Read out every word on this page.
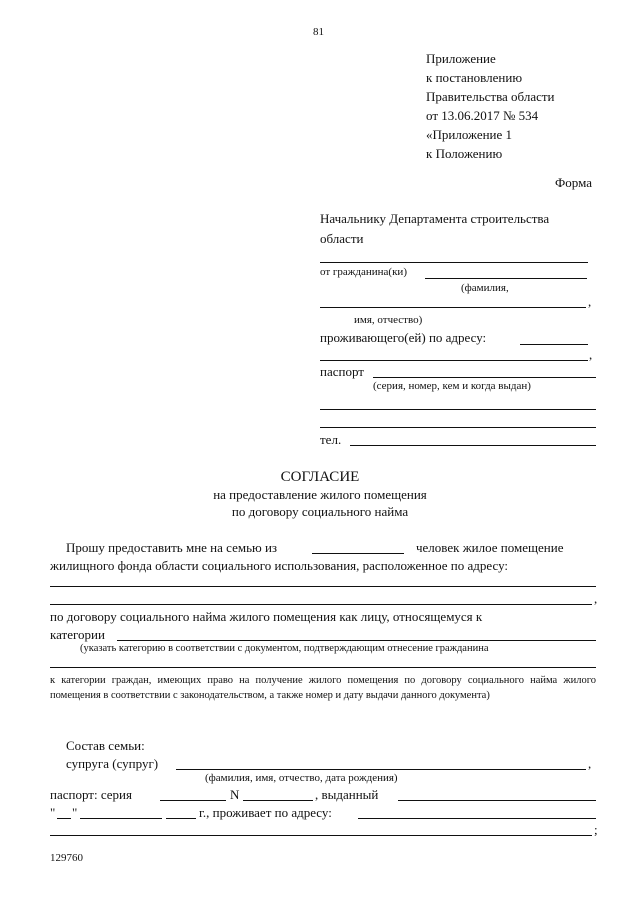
81
Приложение
к постановлению
Правительства области
от 13.06.2017 № 534
«Приложение 1
к Положению
Форма
Начальнику Департамента строительства
области
от гражданина(ки)
(фамилия,
,
имя, отчество)
проживающего(ей) по адресу:
,
паспорт
(серия, номер, кем и когда выдан)
тел.
СОГЛАСИЕ
на предоставление жилого помещения
по договору социального найма
Прошу предоставить мне на семью из	человек жилое помещение
жилищного фонда области социального использования, расположенное по адресу:
,
по договору социального найма жилого помещения как лицу, относящемуся к
категории
(указать категорию в соответствии с документом, подтверждающим отнесение гражданина
к категории граждан, имеющих право на получение жилого помещения по договору социального найма жилого помещения в соответствии с законодательством, а также номер и дату выдачи данного документа)
Состав семьи:
супруга (супруг)	,
(фамилия, имя, отчество, дата рождения)
паспорт: серия	N	, выданный
" "	г., проживает по адресу:
;
129760
